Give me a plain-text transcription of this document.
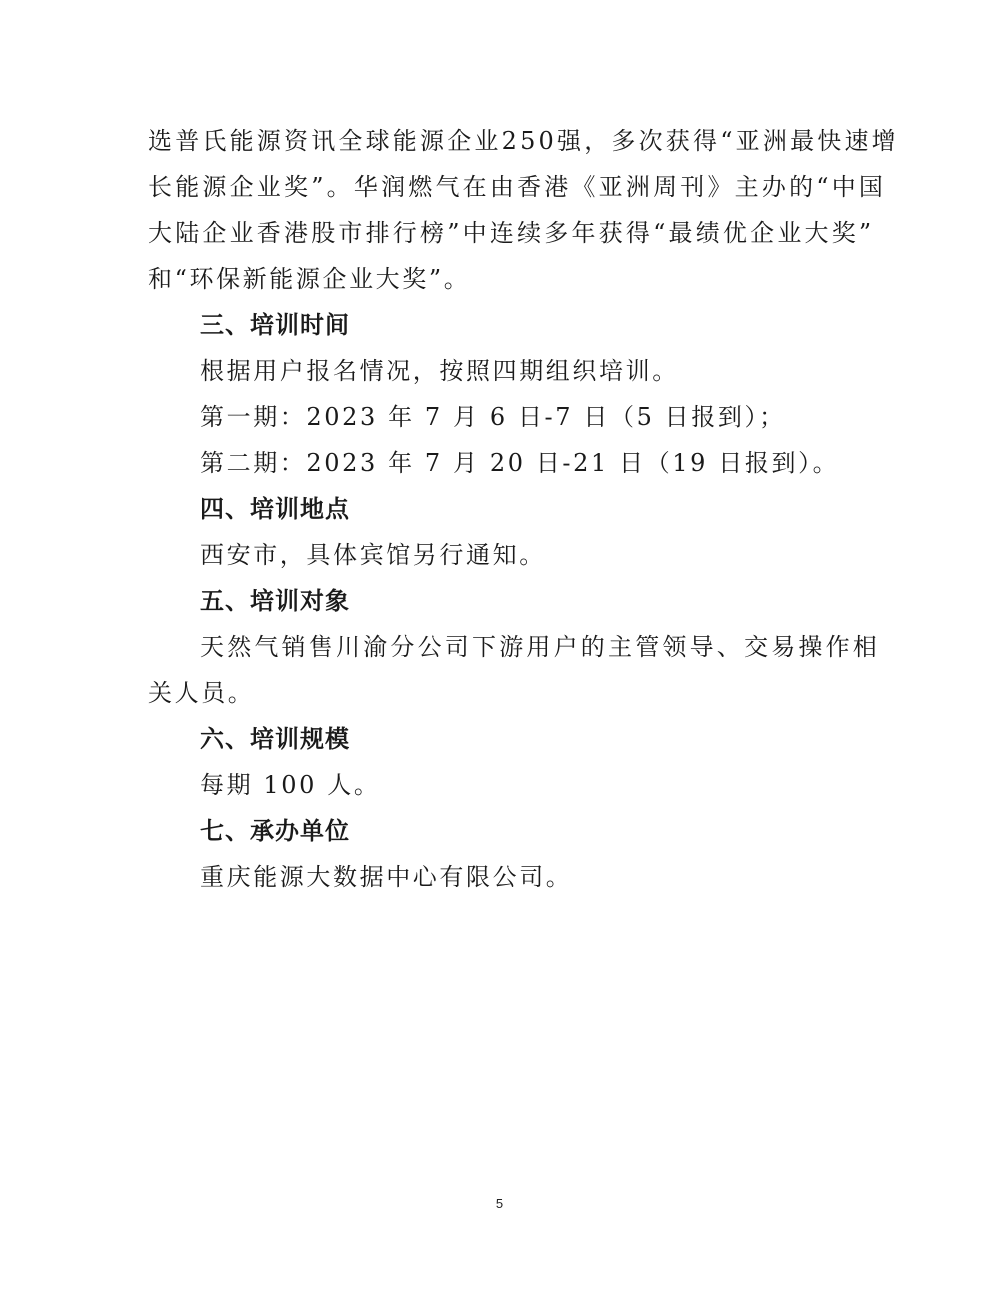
选普氏能源资讯全球能源企业250强，多次获得“亚洲最快速增
长能源企业奖”。华润燃气在由香港《亚洲周刊》主办的“中国
大陆企业香港股市排行榜”中连续多年获得“最绩优企业大奖”
和“环保新能源企业大奖”。
三、培训时间
根据用户报名情况，按照四期组织培训。
第一期：2023 年 7 月 6 日-7 日（5 日报到）；
第二期：2023 年 7 月 20 日-21 日（19 日报到）。
四、培训地点
西安市，具体宾馆另行通知。
五、培训对象
天然气销售川渝分公司下游用户的主管领导、交易操作相
关人员。
六、培训规模
每期 100 人。
七、承办单位
重庆能源大数据中心有限公司。
5
